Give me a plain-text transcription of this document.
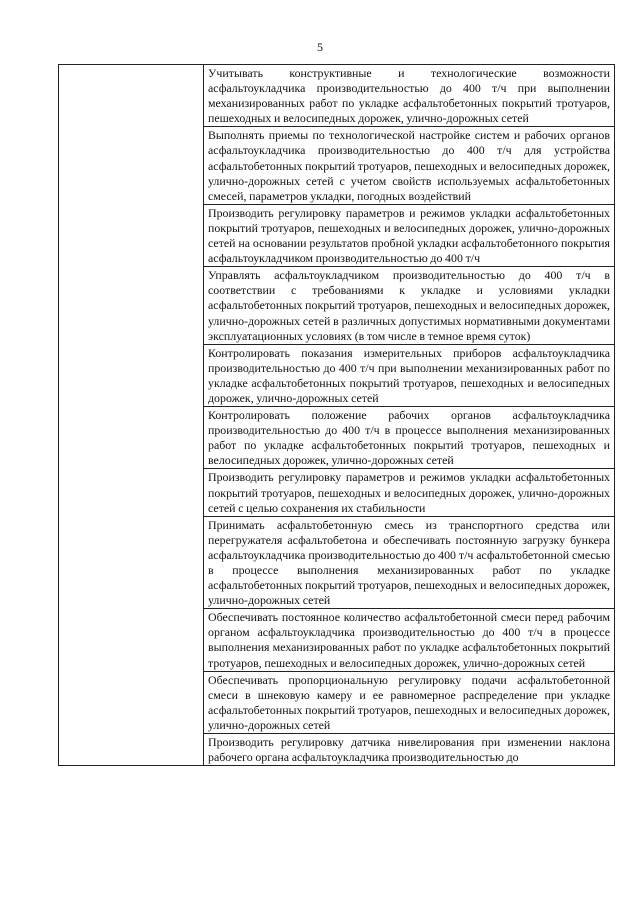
5

Учитывать конструктивные и технологические возможности асфальтоукладчика производительностью до 400 т/ч при выполнении механизированных работ по укладке асфальтобетонных покрытий тротуаров, пешеходных и велосипедных дорожек, улично-дорожных сетей

Выполнять приемы по технологической настройке систем и рабочих органов асфальтоукладчика производительностью до 400 т/ч для устройства асфальтобетонных покрытий тротуаров, пешеходных и велосипедных дорожек, улично-дорожных сетей с учетом свойств используемых асфальтобетонных смесей, параметров укладки, погодных воздействий

Производить регулировку параметров и режимов укладки асфальтобетонных покрытий тротуаров, пешеходных и велосипедных дорожек, улично-дорожных сетей на основании результатов пробной укладки асфальтобетонного покрытия асфальтоукладчиком производительностью до 400 т/ч

Управлять асфальтоукладчиком производительностью до 400 т/ч в соответствии с требованиями к укладке и условиями укладки асфальтобетонных покрытий тротуаров, пешеходных и велосипедных дорожек, улично-дорожных сетей в различных допустимых нормативными документами эксплуатационных условиях (в том числе в темное время суток)

Контролировать показания измерительных приборов асфальтоукладчика производительностью до 400 т/ч при выполнении механизированных работ по укладке асфальтобетонных покрытий тротуаров, пешеходных и велосипедных дорожек, улично-дорожных сетей

Контролировать положение рабочих органов асфальтоукладчика производительностью до 400 т/ч в процессе выполнения механизированных работ по укладке асфальтобетонных покрытий тротуаров, пешеходных и велосипедных дорожек, улично-дорожных сетей

Производить регулировку параметров и режимов укладки асфальтобетонных покрытий тротуаров, пешеходных и велосипедных дорожек, улично-дорожных сетей с целью сохранения их стабильности

Принимать асфальтобетонную смесь из транспортного средства или перегружателя асфальтобетона и обеспечивать постоянную загрузку бункера асфальтоукладчика производительностью до 400 т/ч асфальтобетонной смесью в процессе выполнения механизированных работ по укладке асфальтобетонных покрытий тротуаров, пешеходных и велосипедных дорожек, улично-дорожных сетей

Обеспечивать постоянное количество асфальтобетонной смеси перед рабочим органом асфальтоукладчика производительностью до 400 т/ч в процессе выполнения механизированных работ по укладке асфальтобетонных покрытий тротуаров, пешеходных и велосипедных дорожек, улично-дорожных сетей

Обеспечивать пропорциональную регулировку подачи асфальтобетонной смеси в шнековую камеру и ее равномерное распределение при укладке асфальтобетонных покрытий тротуаров, пешеходных и велосипедных дорожек, улично-дорожных сетей

Производить регулировку датчика нивелирования при изменении наклона рабочего органа асфальтоукладчика производительностью до
